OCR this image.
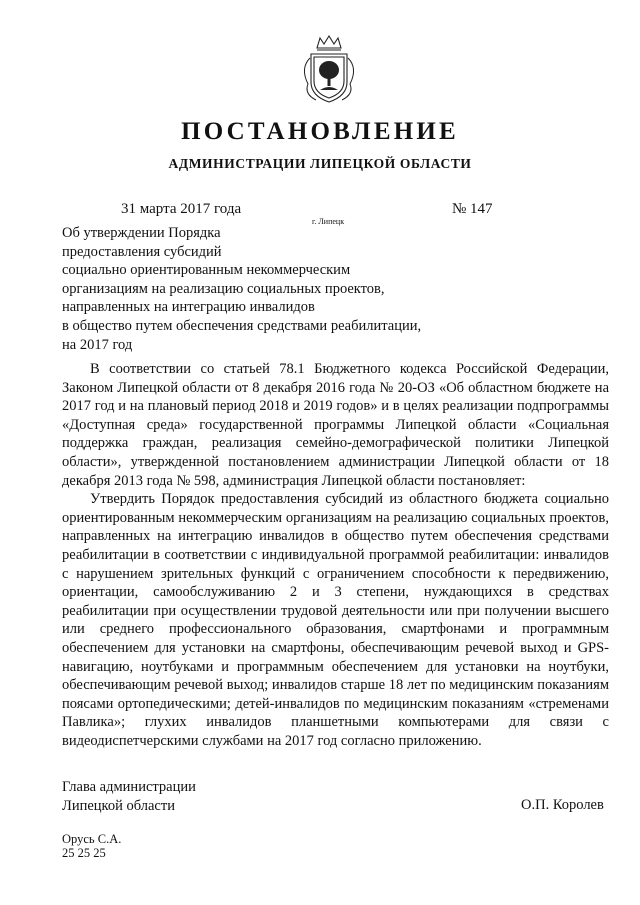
ПОСТАНОВЛЕНИЕ
АДМИНИСТРАЦИИ ЛИПЕЦКОЙ ОБЛАСТИ
31 марта 2017 года
г. Липецк
№ 147
Об утверждении Порядка
предоставления субсидий
социально ориентированным некоммерческим
организациям на реализацию социальных проектов,
направленных на интеграцию инвалидов
в общество путем обеспечения средствами реабилитации,
на 2017 год

В соответствии со статьей 78.1 Бюджетного кодекса Российской Федерации, Законом Липецкой области от 8 декабря 2016 года № 20-ОЗ «Об областном бюджете на 2017 год и на плановый период 2018 и 2019 годов» и в целях реализации подпрограммы «Доступная среда» государственной программы Липецкой области «Социальная поддержка граждан, реализация семейно-демографической политики Липецкой области», утвержденной постановлением администрации Липецкой области от 18 декабря 2013 года № 598, администрация Липецкой области постановляет:

Утвердить Порядок предоставления субсидий из областного бюджета социально ориентированным некоммерческим организациям на реализацию социальных проектов, направленных на интеграцию инвалидов в общество путем обеспечения средствами реабилитации в соответствии с индивидуальной программой реабилитации: инвалидов с нарушением зрительных функций с ограничением способности к передвижению, ориентации, самообслуживанию 2 и 3 степени, нуждающихся в средствах реабилитации при осуществлении трудовой деятельности или при получении высшего или среднего профессионального образования, смартфонами и программным обеспечением для установки на смартфоны, обеспечивающим речевой выход и GPS-навигацию, ноутбуками и программным обеспечением для установки на ноутбуки, обеспечивающим речевой выход; инвалидов старше 18 лет по медицинским показаниям поясами ортопедическими; детей-инвалидов по медицинским показаниям «стременами Павлика»; глухих инвалидов планшетными компьютерами для связи с видеодиспетчерскими службами на 2017 год согласно приложению.

Глава администрации
Липецкой области	О.П. Королев
Орусь С.А.
25 25 25
